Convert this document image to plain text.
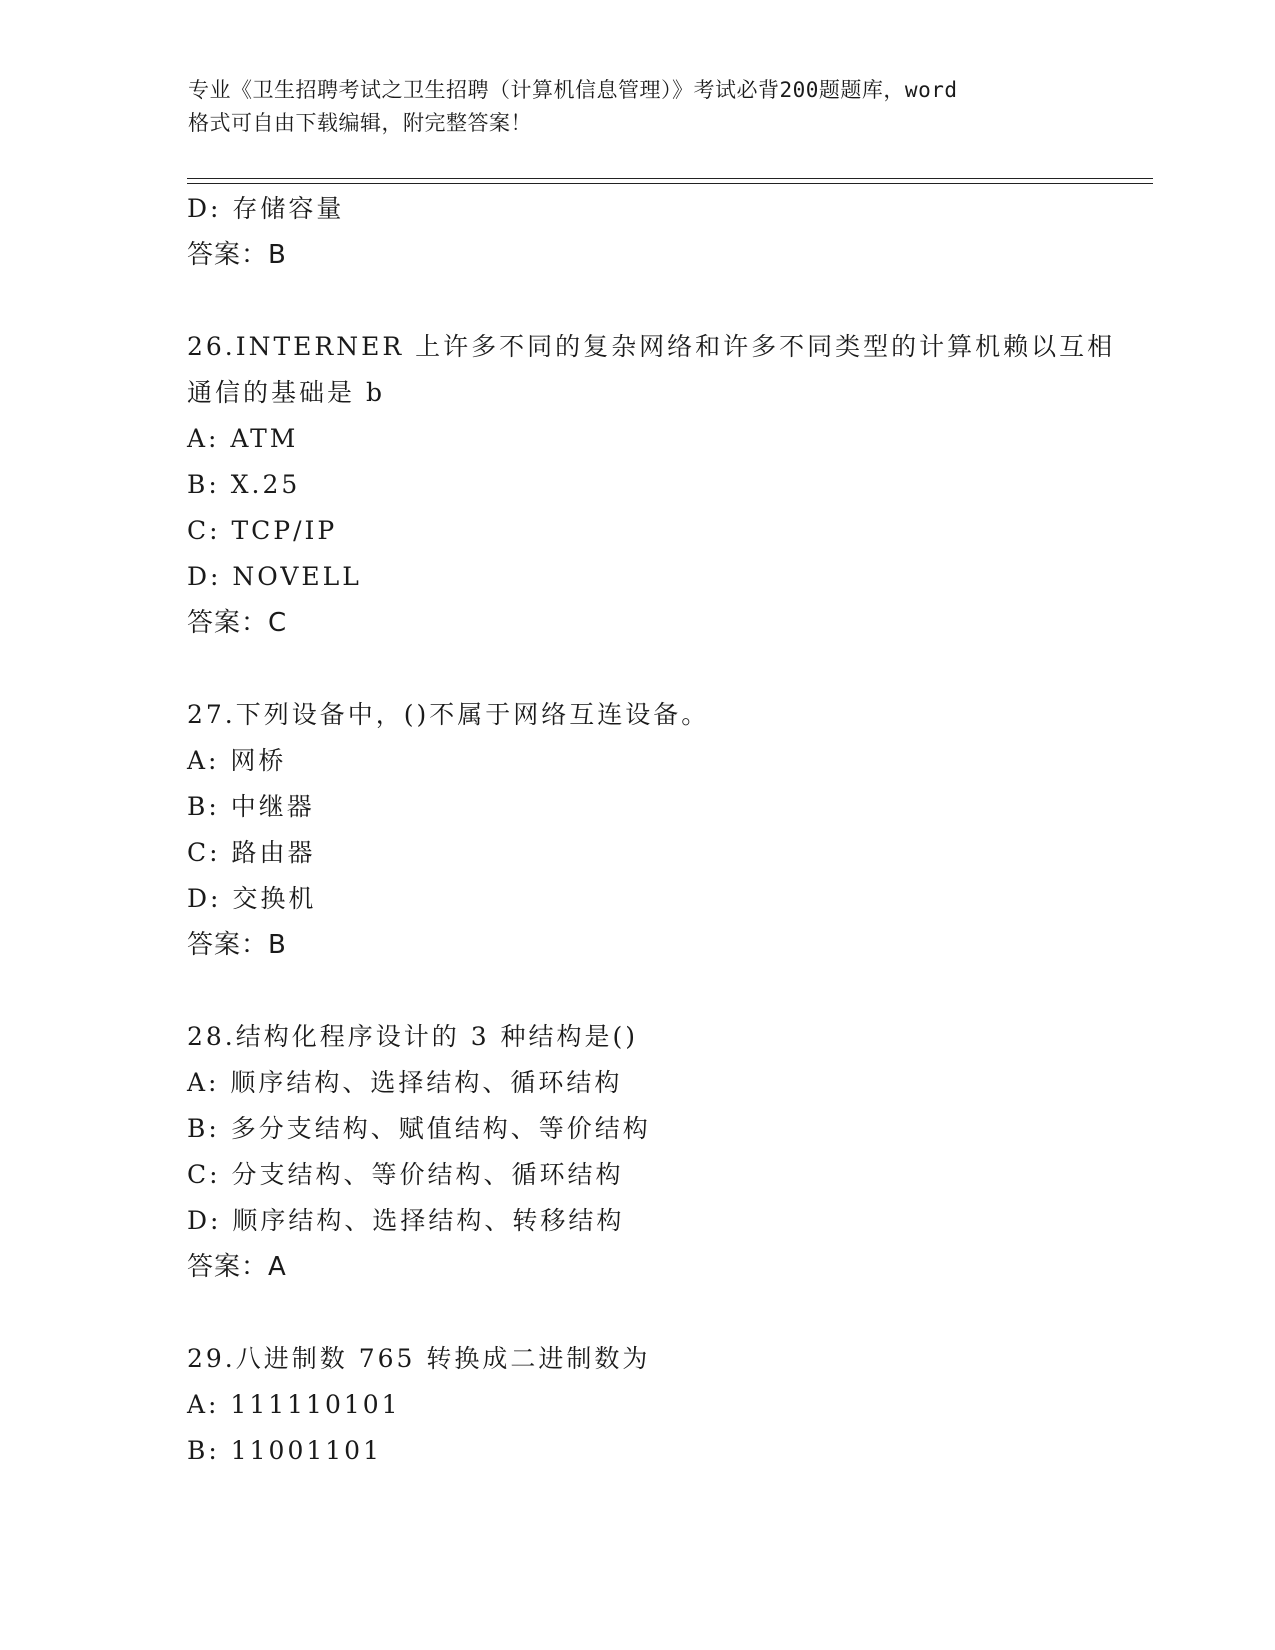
专业《卫生招聘考试之卫生招聘（计算机信息管理）》考试必背200题题库，word
格式可自由下载编辑，附完整答案！
D: 存储容量
答案：B
26.INTERNER 上许多不同的复杂网络和许多不同类型的计算机赖以互相
通信的基础是 b
A: ATM
B: X.25
C: TCP/IP
D: NOVELL
答案：C
27.下列设备中，()不属于网络互连设备。
A: 网桥
B: 中继器
C: 路由器
D: 交换机
答案：B
28.结构化程序设计的 3 种结构是()
A: 顺序结构、选择结构、循环结构
B: 多分支结构、赋值结构、等价结构
C: 分支结构、等价结构、循环结构
D: 顺序结构、选择结构、转移结构
答案：A
29.八进制数 765 转换成二进制数为
A: 111110101
B: 11001101
